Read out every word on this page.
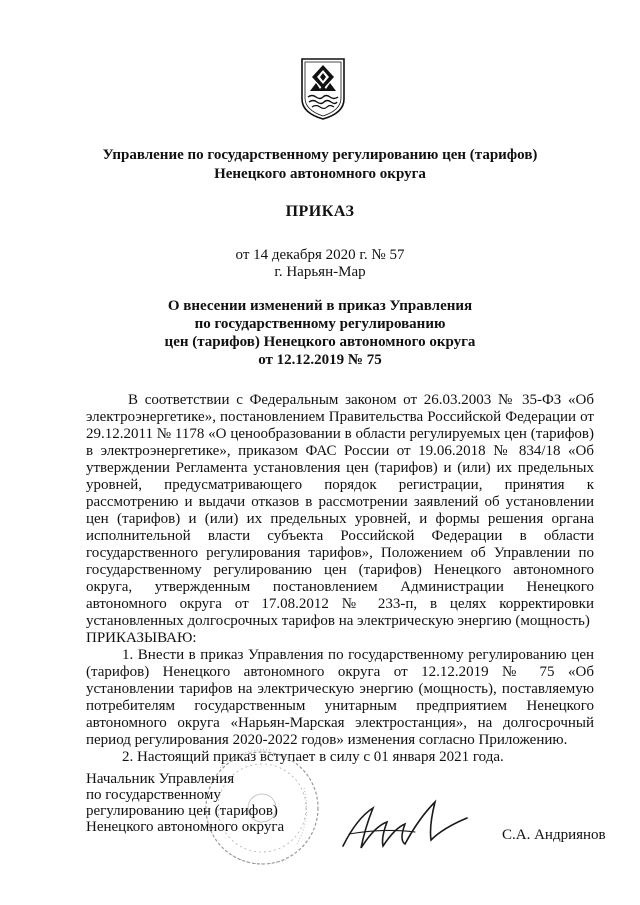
Управление по государственному регулированию цен (тарифов)
Ненецкого автономного округа
ПРИКАЗ
от 14 декабря 2020 г. № 57
г. Нарьян-Мар
О внесении изменений в приказ Управления
по государственному регулированию
цен (тарифов) Ненецкого автономного округа
от 12.12.2019 № 75

В соответствии с Федеральным законом от 26.03.2003 № 35-ФЗ «Об электроэнергетике», постановлением Правительства Российской Федерации от 29.12.2011 № 1178 «О ценообразовании в области регулируемых цен (тарифов) в электроэнергетике», приказом ФАС России от 19.06.2018 № 834/18 «Об утверждении Регламента установления цен (тарифов) и (или) их предельных уровней, предусматривающего порядок регистрации, принятия к рассмотрению и выдачи отказов в рассмотрении заявлений об установлении цен (тарифов) и (или) их предельных уровней, и формы решения органа исполнительной власти субъекта Российской Федерации в области государственного регулирования тарифов», Положением об Управлении по государственному регулированию цен (тарифов) Ненецкого автономного округа, утвержденным постановлением Администрации Ненецкого автономного округа от 17.08.2012 № 233-п, в целях корректировки установленных долгосрочных тарифов на электрическую энергию (мощность)

ПРИКАЗЫВАЮ:

1. Внести в приказ Управления по государственному регулированию цен (тарифов) Ненецкого автономного округа от 12.12.2019 № 75 «Об установлении тарифов на электрическую энергию (мощность), поставляемую потребителям государственным унитарным предприятием Ненецкого автономного округа «Нарьян-Марская электростанция», на долгосрочный период регулирования 2020-2022 годов» изменения согласно Приложению.

2. Настоящий приказ вступает в силу с 01 января 2021 года.

Начальник Управления
по государственному
регулированию цен (тарифов)
Ненецкого автономного округа	С.А. Андриянов
